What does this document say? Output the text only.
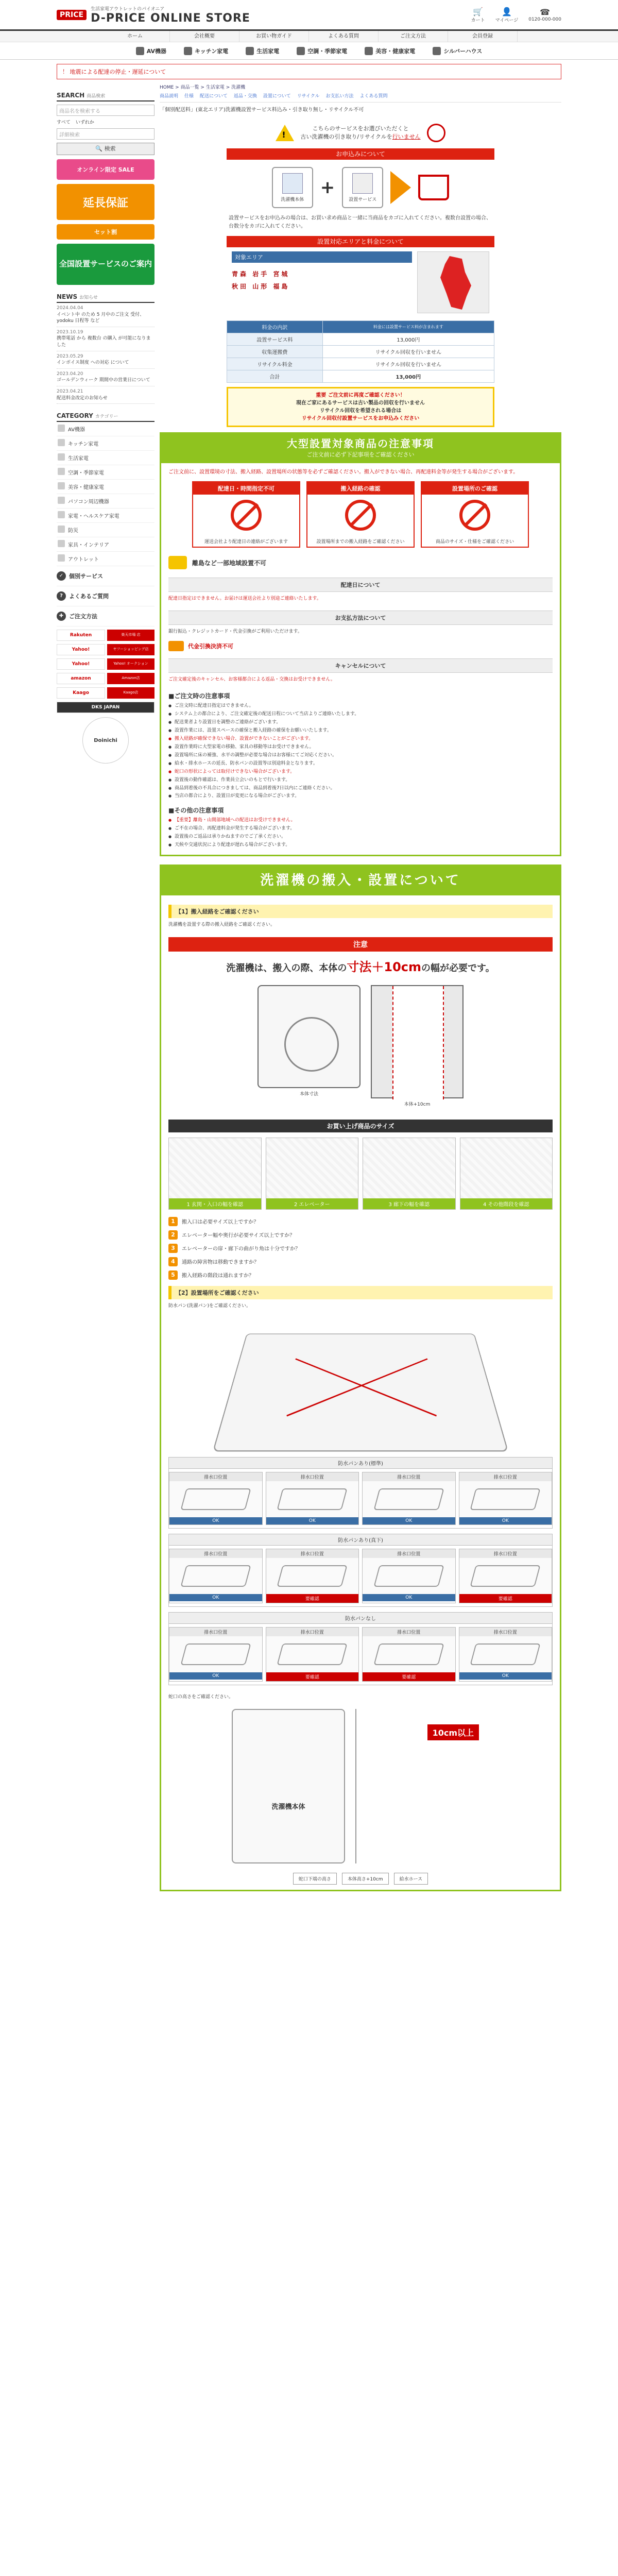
PRICE
生活家電アウトレットのパイオニア
D-PRICE ONLINE STORE
🛒
カート
👤
マイページ
☎
0120-000-000
ホーム	会社概要	お買い物ガイド	よくある質問	ご注文方法	会員登録
AV機器	キッチン家電	生活家電	空調・季節家電	美容・健康家電	シルバーハウス
！ 地震による配達の停止・遅延について
SEARCH 商品検索
商品名を検索する
すべて いずれか
詳細検索
🔍 検索
オンライン限定 SALE
延長保証
セット割
全国設置サービスのご案内
NEWS お知らせ
2024.04.04
イベント中 のため 5 月中のご注文 受付、yodoku 日程等 など
2023.10.19
携帯電話 から 複数台 の購入 が可能になりました
2023.05.29
インボイス制度 への対応 について
2023.04.20
ゴールデンウィーク 期間中の営業日について
2023.04.21
配送料金改定のお知らせ
CATEGORY カテゴリー
AV機器
キッチン家電
生活家電
空調・季節家電
美容・健康家電
パソコン周辺機器
家電・ヘルスケア家電
防災
家具・インテリア
アウトレット
✓ 個別サービス
?	よくあるご質問
✚ ご注文方法
Rakuten	楽天市場 店
Yahoo!	ヤフーショッピング店
Yahoo!	Yahoo! オークション
amazon	Amazon店
Kaago	Kaago店
DKS JAPAN
Doinichi
HOME > 商品一覧 > 生活家電 > 洗濯機
商品説明 仕様 配送について 返品・交換 設置について リサイクル お支払い方法 よくある質問
「個別配送料」(東北エリア)洗濯機設置サービス料込み・引き取り無し・リサイクル不可
!
こちらのサービスをお選びいただくと
古い洗濯機の引き取り/リサイクルを行いません
お申込みについて
洗濯機本体
+
設置サービス
設置サービスをお申込みの場合は、お買い求め商品と一緒に当商品をカゴに入れてください。複数台設置の場合、台数分をカゴに入れてください。
設置対応エリアと料金について
対象エリア
青森 岩手 宮城
秋田 山形 福島
料金の内訳	料金には設置サービス料が含まれます
設置サービス料	13,000円
収集運搬費	リサイクル回収を行いません
リサイクル料金	リサイクル回収を行いません
合計	13,000円
重要 ご注文前に再度ご確認ください！
現在ご家にあるサービスは古い製品の回収を行いません
リサイクル回収を希望される場合は
リサイクル回収付設置サービスをお申込みください
大型設置対象商品の注意事項
ご注文前に必ず下記事項をご確認ください
ご注文前に、設置環境の寸法、搬入経路、設置場所の状態等を必ずご確認ください。搬入ができない場合、再配達料金等が発生する場合がございます。
配達日・時間指定不可
運送会社より配達日の連絡がございます
搬入経路の確認
設置場所までの搬入経路をご確認ください
設置場所のご確認
商品のサイズ・仕様をご確認ください
離島など一部地域設置不可
配達日について
配達日指定はできません。お届けは運送会社より別途ご連絡いたします。
お支払方法について
銀行振込・クレジットカード・代金引換がご利用いただけます。
代金引換決済不可
キャンセルについて
ご注文確定後のキャンセル、お客様都合による返品・交換はお受けできません。
■ご注文時の注意事項
● ご注文時に配達日指定はできません。
● システム上の都合により、ご注文確定後の配送日程について当店よりご連絡いたします。
● 配送業者より設置日を調整のご連絡がございます。
● 設置作業には、設置スペースの確保と搬入経路の確保をお願いいたします。
● 搬入経路が確保できない場合、設置ができないことがございます。
● 設置作業時に大型家電の移動、家具の移動等はお受けできません。
● 設置場所に床の補強、水平の調整が必要な場合はお客様にてご対応ください。
● 給水・排水ホースの延長、防水パンの設置等は別途料金となります。
● 蛇口の形状によっては取付けできない場合がございます。
● 設置後の動作確認は、作業員立会いのもとで行います。
● 商品到着後の不具合につきましては、商品到着後7日以内にご連絡ください。
● 当店の都合により、設置日が変更になる場合がございます。
■その他の注意事項
● 【重要】離島・山間部地域への配送はお受けできません。
● ご不在の場合、再配達料金が発生する場合がございます。
● 設置後のご返品は承りかねますのでご了承ください。
● 天候や交通状況により配達が遅れる場合がございます。
洗濯機の搬入・設置について
【1】搬入経路をご確認ください
洗濯機を設置する際の搬入経路をご確認ください。
注意
洗濯機は、搬入の際、本体の寸法＋10cmの幅が必要です。
本体寸法
本体+10cm
お買い上げ商品のサイズ
1 玄関・入口の幅を確認	2 エレベーター	3 廊下の幅を確認	4 その他階段を確認
1	搬入口は必要サイズ以上ですか？
2	エレベーター幅や奥行が必要サイズ以上ですか？
3	エレベーターの扉・廊下の曲がり角は十分ですか？
4	通路の障害物は移動できますか？
5	搬入経路の階段は通れますか？
【2】設置場所をご確認ください
防水パン(洗濯パン)をご確認ください。
防水パンあり(標準)
排水口位置
OK
排水口位置
OK
排水口位置
OK
排水口位置
OK
防水パンあり(真下)
排水口位置
OK
排水口位置
要確認
排水口位置
OK
排水口位置
要確認
防水パンなし
排水口位置
OK
排水口位置
要確認
排水口位置
要確認
排水口位置
OK
蛇口の高さをご確認ください。
洗濯機本体
10cm以上
蛇口下端の高さ	本体高さ+10cm	給水ホース
